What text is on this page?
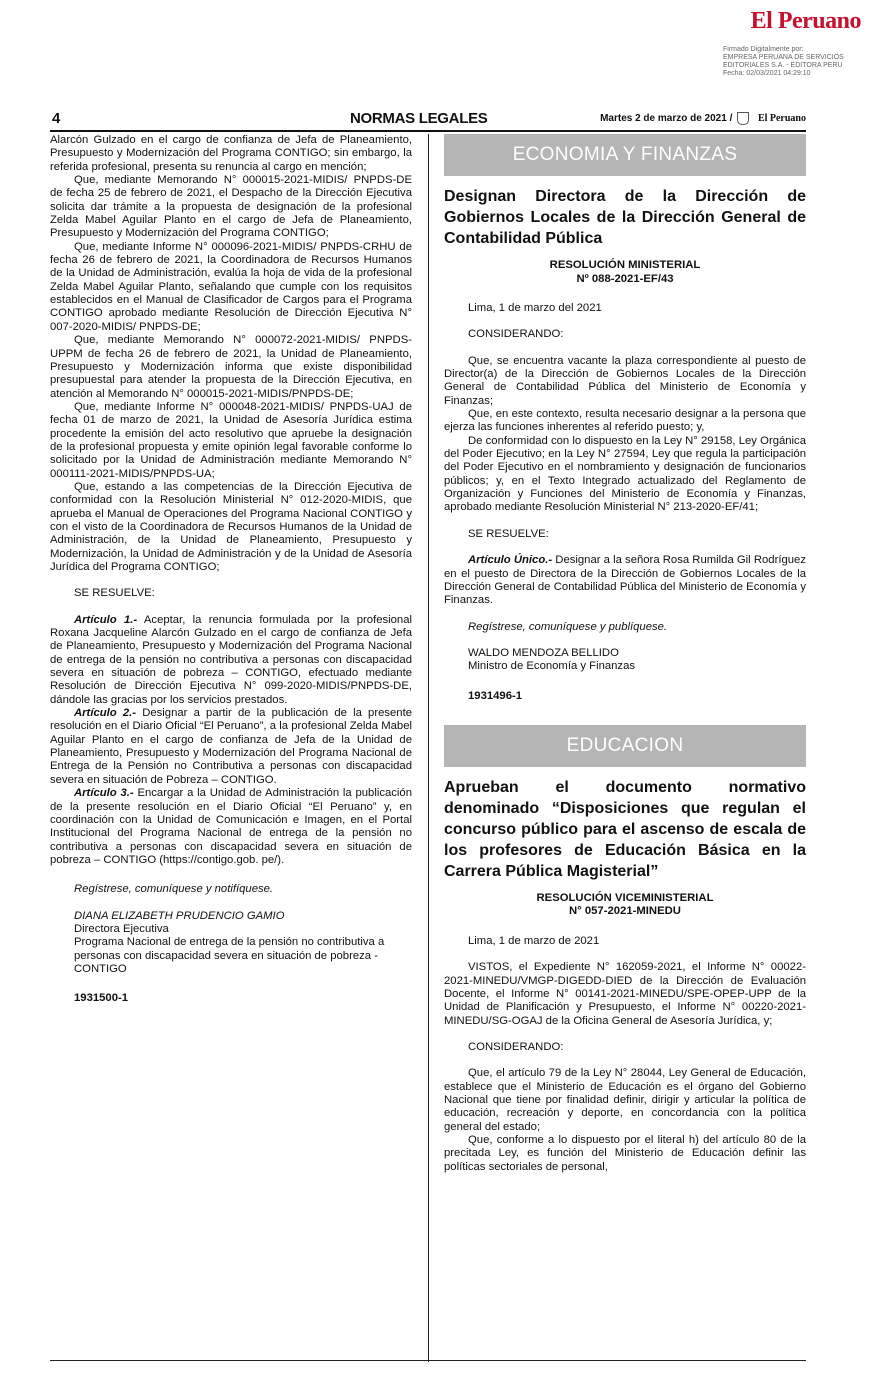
El Peruano
Firmado Digitalmente por:
EMPRESA PERUANA DE SERVICIOS
EDITORIALES S.A. - EDITORA PERU
Fecha: 02/03/2021 04:29:10
4	NORMAS LEGALES	Martes 2 de marzo de 2021 /	El Peruano

Alarcón Gulzado en el cargo de confianza de Jefa de Planeamiento, Presupuesto y Modernización del Programa CONTIGO; sin embargo, la referida profesional, presenta su renuncia al cargo en mención;

Que, mediante Memorando N° 000015-2021-MIDIS/ PNPDS-DE de fecha 25 de febrero de 2021, el Despacho de la Dirección Ejecutiva solicita dar trámite a la propuesta de designación de la profesional Zelda Mabel Aguilar Planto en el cargo de Jefa de Planeamiento, Presupuesto y Modernización del Programa CONTIGO;

Que, mediante Informe N° 000096-2021-MIDIS/ PNPDS-CRHU de fecha 26 de febrero de 2021, la Coordinadora de Recursos Humanos de la Unidad de Administración, evalúa la hoja de vida de la profesional Zelda Mabel Aguilar Planto, señalando que cumple con los requisitos establecidos en el Manual de Clasificador de Cargos para el Programa CONTIGO aprobado mediante Resolución de Dirección Ejecutiva N° 007-2020-MIDIS/ PNPDS-DE;

Que, mediante Memorando N° 000072-2021-MIDIS/ PNPDS-UPPM de fecha 26 de febrero de 2021, la Unidad de Planeamiento, Presupuesto y Modernización informa que existe disponibilidad presupuestal para atender la propuesta de la Dirección Ejecutiva, en atención al Memorando N° 000015-2021-MIDIS/PNPDS-DE;

Que, mediante Informe N° 000048-2021-MIDIS/ PNPDS-UAJ de fecha 01 de marzo de 2021, la Unidad de Asesoría Jurídica estima procedente la emisión del acto resolutivo que apruebe la designación de la profesional propuesta y emite opinión legal favorable conforme lo solicitado por la Unidad de Administración mediante Memorando N° 000111-2021-MIDIS/PNPDS-UA;

Que, estando a las competencias de la Dirección Ejecutiva de conformidad con la Resolución Ministerial N° 012-2020-MIDIS, que aprueba el Manual de Operaciones del Programa Nacional CONTIGO y con el visto de la Coordinadora de Recursos Humanos de la Unidad de Administración, de la Unidad de Planeamiento, Presupuesto y Modernización, la Unidad de Administración y de la Unidad de Asesoría Jurídica del Programa CONTIGO;

SE RESUELVE:

Artículo 1.- Aceptar, la renuncia formulada por la profesional Roxana Jacqueline Alarcón Gulzado en el cargo de confianza de Jefa de Planeamiento, Presupuesto y Modernización del Programa Nacional de entrega de la pensión no contributiva a personas con discapacidad severa en situación de pobreza – CONTIGO, efectuado mediante Resolución de Dirección Ejecutiva N° 099-2020-MIDIS/PNPDS-DE, dándole las gracias por los servicios prestados.

Artículo 2.- Designar a partir de la publicación de la presente resolución en el Diario Oficial “El Peruano”, a la profesional Zelda Mabel Aguilar Planto en el cargo de confianza de Jefa de la Unidad de Planeamiento, Presupuesto y Modernización del Programa Nacional de Entrega de la Pensión no Contributiva a personas con discapacidad severa en situación de Pobreza – CONTIGO.

Artículo 3.- Encargar a la Unidad de Administración la publicación de la presente resolución en el Diario Oficial “El Peruano” y, en coordinación con la Unidad de Comunicación e Imagen, en el Portal Institucional del Programa Nacional de entrega de la pensión no contributiva a personas con discapacidad severa en situación de pobreza – CONTIGO (https://contigo.gob. pe/).

Regístrese, comuníquese y notifíquese.

DIANA ELIZABETH PRUDENCIO GAMIO

Directora Ejecutiva

Programa Nacional de entrega de la pensión no contributiva a personas con discapacidad severa en situación de pobreza - CONTIGO

1931500-1

ECONOMIA Y FINANZAS
Designan Directora de la Dirección de Gobiernos Locales de la Dirección General de Contabilidad Pública
RESOLUCIÓN MINISTERIAL
Nº 088-2021-EF/43

Lima, 1 de marzo del 2021

CONSIDERANDO:

Que, se encuentra vacante la plaza correspondiente al puesto de Director(a) de la Dirección de Gobiernos Locales de la Dirección General de Contabilidad Pública del Ministerio de Economía y Finanzas;

Que, en este contexto, resulta necesario designar a la persona que ejerza las funciones inherentes al referido puesto; y,

De conformidad con lo dispuesto en la Ley N° 29158, Ley Orgánica del Poder Ejecutivo; en la Ley N° 27594, Ley que regula la participación del Poder Ejecutivo en el nombramiento y designación de funcionarios públicos; y, en el Texto Integrado actualizado del Reglamento de Organización y Funciones del Ministerio de Economía y Finanzas, aprobado mediante Resolución Ministerial N° 213-2020-EF/41;

SE RESUELVE:

Artículo Único.- Designar a la señora Rosa Rumilda Gil Rodríguez en el puesto de Directora de la Dirección de Gobiernos Locales de la Dirección General de Contabilidad Pública del Ministerio de Economía y Finanzas.

Regístrese, comuníquese y publíquese.

WALDO MENDOZA BELLIDO

Ministro de Economía y Finanzas

1931496-1

EDUCACION
Aprueban el documento normativo denominado “Disposiciones que regulan el concurso público para el ascenso de escala de los profesores de Educación Básica en la Carrera Pública Magisterial”
RESOLUCIÓN VICEMINISTERIAL
N° 057-2021-MINEDU

Lima, 1 de marzo de 2021

VISTOS, el Expediente N° 162059-2021, el Informe N° 00022-2021-MINEDU/VMGP-DIGEDD-DIED de la Dirección de Evaluación Docente, el Informe N° 00141-2021-MINEDU/SPE-OPEP-UPP de la Unidad de Planificación y Presupuesto, el Informe N° 00220-2021-MINEDU/SG-OGAJ de la Oficina General de Asesoría Jurídica, y;

CONSIDERANDO:

Que, el artículo 79 de la Ley N° 28044, Ley General de Educación, establece que el Ministerio de Educación es el órgano del Gobierno Nacional que tiene por finalidad definir, dirigir y articular la política de educación, recreación y deporte, en concordancia con la política general del estado;

Que, conforme a lo dispuesto por el literal h) del artículo 80 de la precitada Ley, es función del Ministerio de Educación definir las políticas sectoriales de personal,
